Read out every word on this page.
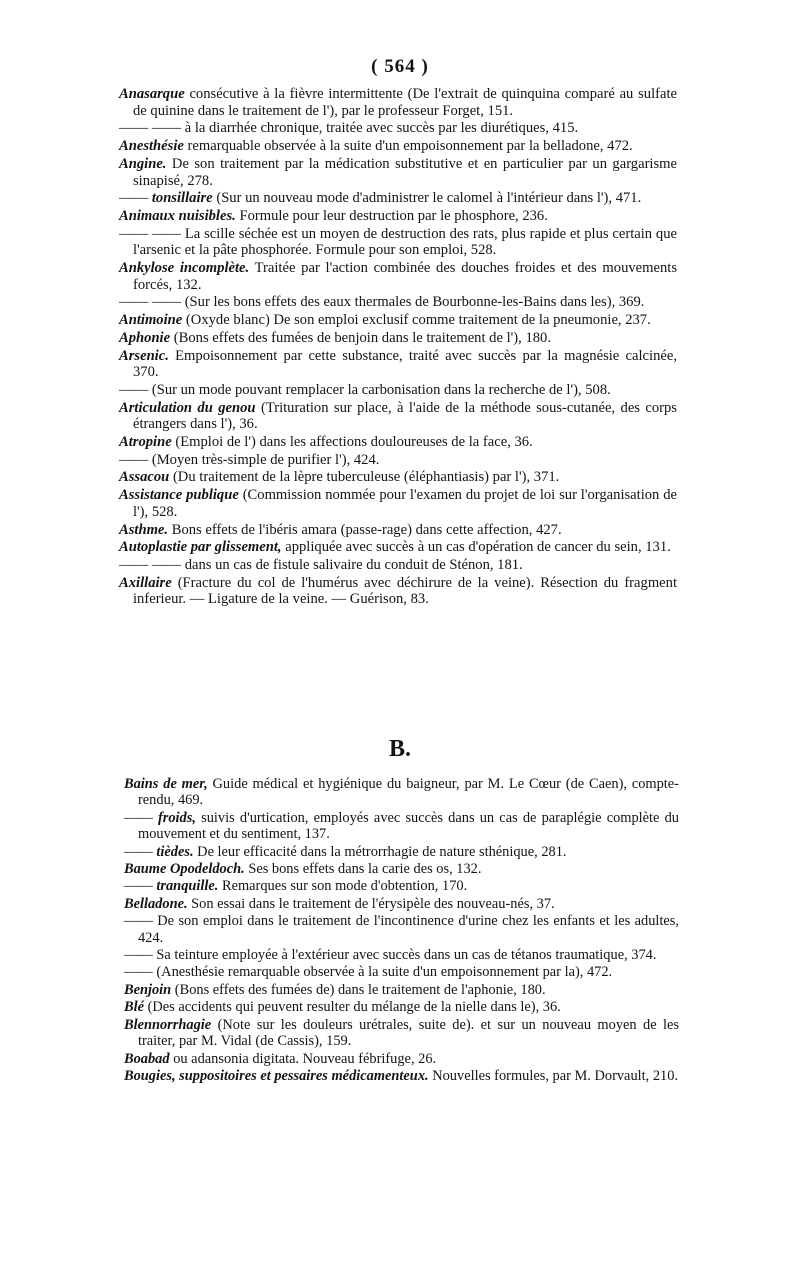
( 564 )

Anasarque consécutive à la fièvre intermittente (De l'extrait de quinquina comparé au sulfate de quinine dans le traitement de l'), par le professeur Forget, 151.

—— —— à la diarrhée chronique, traitée avec succès par les diurétiques, 415.

Anesthésie remarquable observée à la suite d'un empoisonnement par la belladone, 472.

Angine. De son traitement par la médication substitutive et en particulier par un gargarisme sinapisé, 278.

—— tonsillaire (Sur un nouveau mode d'administrer le calomel à l'intérieur dans l'), 471.

Animaux nuisibles. Formule pour leur destruction par le phosphore, 236.

—— —— La scille séchée est un moyen de destruction des rats, plus rapide et plus certain que l'arsenic et la pâte phosphorée. Formule pour son emploi, 528.

Ankylose incomplète. Traitée par l'action combinée des douches froides et des mouvements forcés, 132.

—— —— (Sur les bons effets des eaux thermales de Bourbonne-les-Bains dans les), 369.

Antimoine (Oxyde blanc) De son emploi exclusif comme traitement de la pneumonie, 237.

Aphonie (Bons effets des fumées de benjoin dans le traitement de l'), 180.

Arsenic. Empoisonnement par cette substance, traité avec succès par la magnésie calcinée, 370.

—— (Sur un mode pouvant remplacer la carbonisation dans la recherche de l'), 508.

Articulation du genou (Trituration sur place, à l'aide de la méthode sous-cutanée, des corps étrangers dans l'), 36.

Atropine (Emploi de l') dans les affections douloureuses de la face, 36.

—— (Moyen très-simple de purifier l'), 424.

Assacou (Du traitement de la lèpre tuberculeuse (éléphantiasis) par l'), 371.

Assistance publique (Commission nommée pour l'examen du projet de loi sur l'organisation de l'), 528.

Asthme. Bons effets de l'ibéris amara (passe-rage) dans cette affection, 427.

Autoplastie par glissement, appliquée avec succès à un cas d'opération de cancer du sein, 131.

—— —— dans un cas de fistule salivaire du conduit de Sténon, 181.

Axillaire (Fracture du col de l'humérus avec déchirure de la veine). Résection du fragment inferieur. — Ligature de la veine. — Guérison, 83.

B.

Bains de mer, Guide médical et hygiénique du baigneur, par M. Le Cœur (de Caen), compte-rendu, 469.

—— froids, suivis d'urtication, employés avec succès dans un cas de paraplégie complète du mouvement et du sentiment, 137.

—— tièdes. De leur efficacité dans la métrorrhagie de nature sthénique, 281.

Baume Opodeldoch. Ses bons effets dans la carie des os, 132.

—— tranquille. Remarques sur son mode d'obtention, 170.

Belladone. Son essai dans le traitement de l'érysipèle des nouveau-nés, 37.

—— De son emploi dans le traitement de l'incontinence d'urine chez les enfants et les adultes, 424.

—— Sa teinture employée à l'extérieur avec succès dans un cas de tétanos traumatique, 374.

—— (Anesthésie remarquable observée à la suite d'un empoisonnement par la), 472.

Benjoin (Bons effets des fumées de) dans le traitement de l'aphonie, 180.

Blé (Des accidents qui peuvent resulter du mélange de la nielle dans le), 36.

Blennorrhagie (Note sur les douleurs urétrales, suite de). et sur un nouveau moyen de les traiter, par M. Vidal (de Cassis), 159.

Boabad ou adansonia digitata. Nouveau fébrifuge, 26.

Bougies, suppositoires et pessaires médicamenteux. Nouvelles formules, par M. Dorvault, 210.
